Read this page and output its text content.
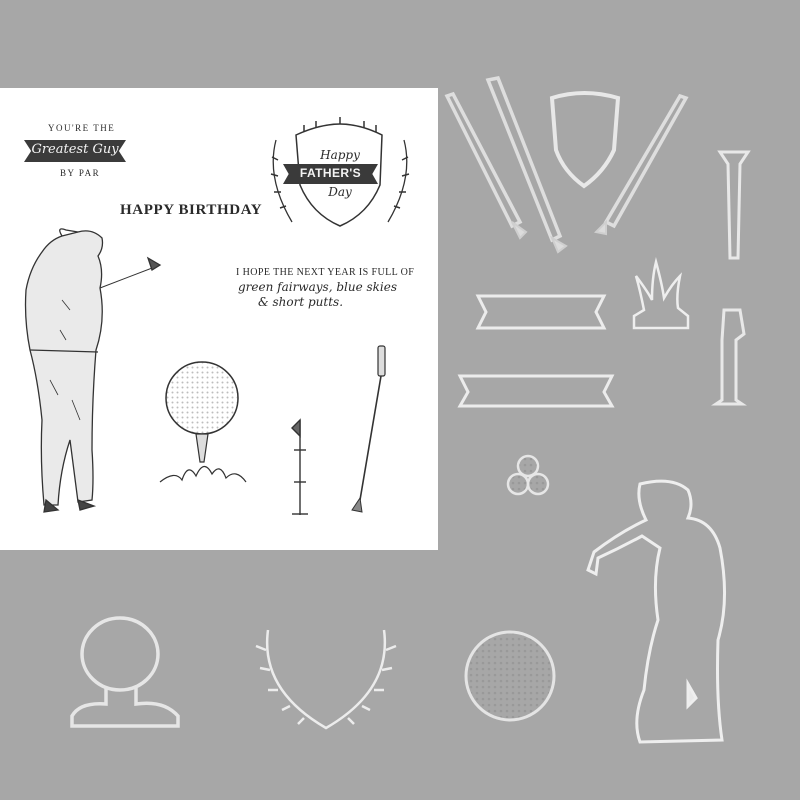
YOU'RE THE
Greatest Guy
BY PAR
HAPPY BIRTHDAY
I HOPE THE NEXT YEAR IS FULL OF
green fairways, blue skies
& short putts.
Happy
FATHER'S
Day
